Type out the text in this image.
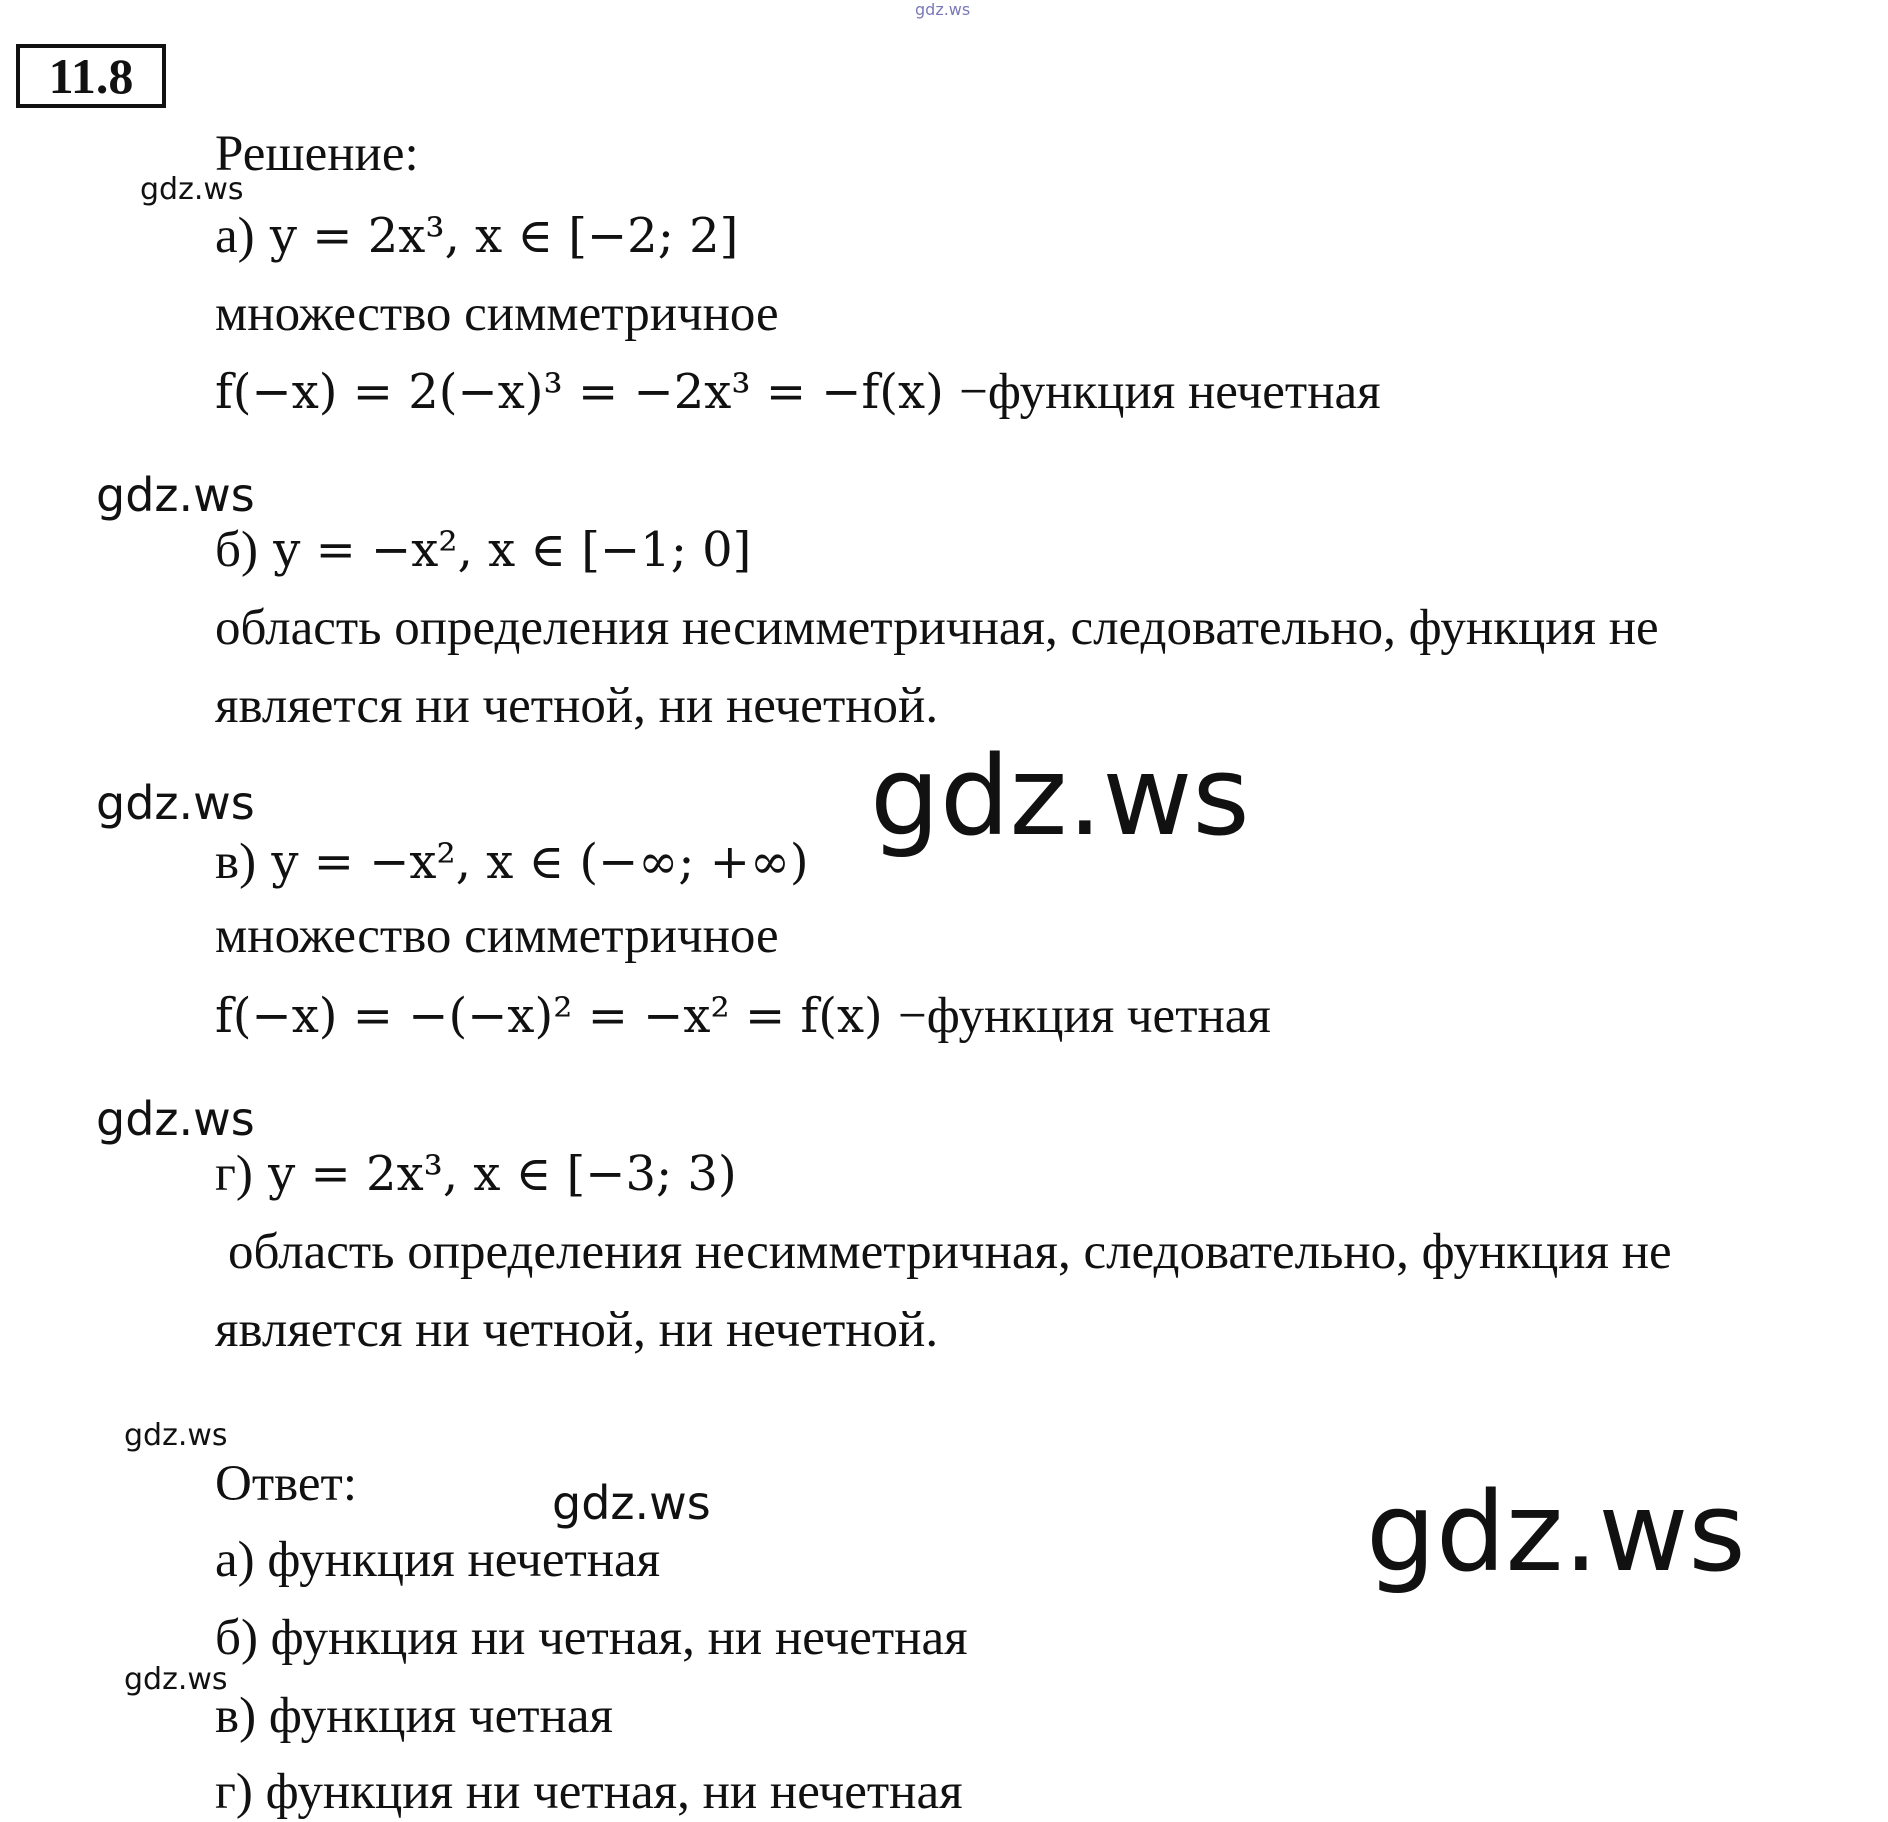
gdz.ws
11.8
Решение:
gdz.ws
а) y = 2x³, x ∈ [−2; 2]
множество симметричное
f(−x) = 2(−x)³ = −2x³ = −f(x) −функция нечетная
gdz.ws
б) y = −x², x ∈ [−1; 0]
область определения несимметричная, следовательно, функция не
является ни четной, ни нечетной.
gdz.ws	gdz.ws
в) y = −x², x ∈ (−∞; +∞)
множество симметричное
f(−x) = −(−x)² = −x² = f(x) −функция четная
gdz.ws
г) y = 2x³, x ∈ [−3; 3)
область определения несимметричная, следовательно, функция не
является ни четной, ни нечетной.
gdz.ws
Ответ:	gdz.ws	gdz.ws
а) функция нечетная
б) функция ни четная, ни нечетная
gdz.ws
в) функция четная
г) функция ни четная, ни нечетная
